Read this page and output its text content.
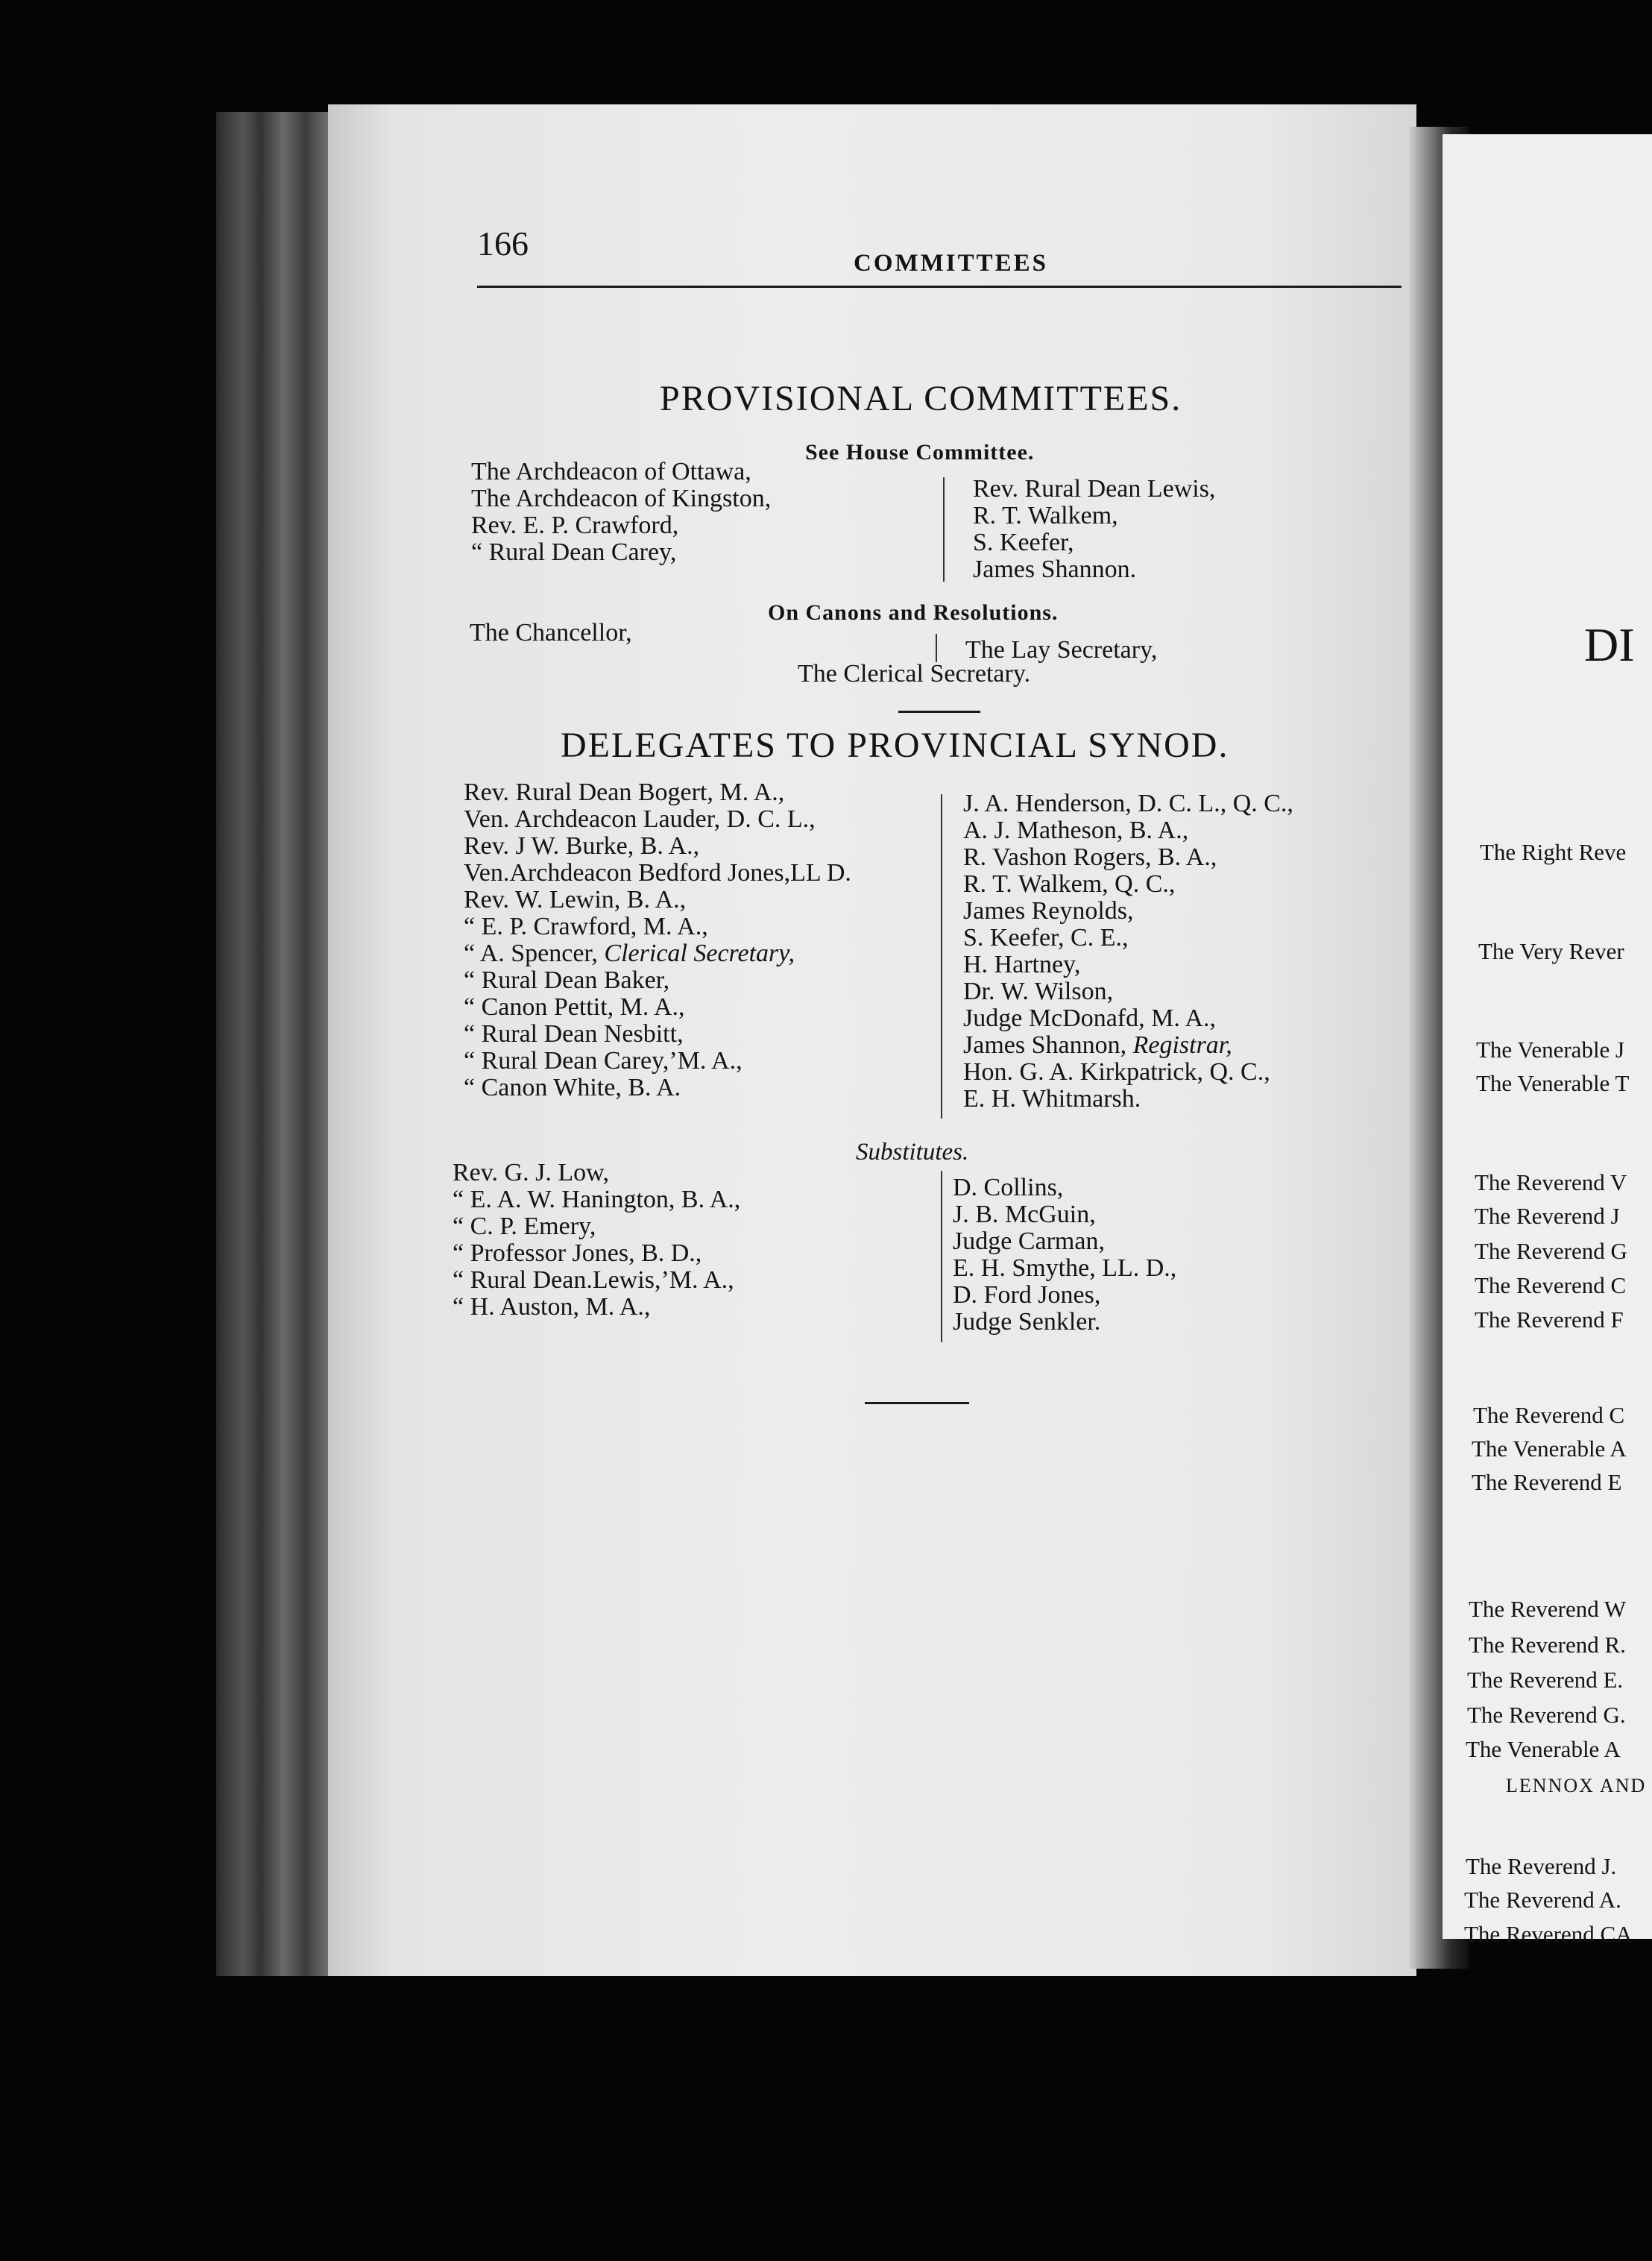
166
COMMITTEES
PROVISIONAL COMMITTEES.
See House Committee.
The Archdeacon of Ottawa,
The Archdeacon of Kingston,
Rev. E. P. Crawford,
“ Rural Dean Carey,
Rev. Rural Dean Lewis,
R. T. Walkem,
S. Keefer,
James Shannon.
On Canons and Resolutions.
The Chancellor,
The Lay Secretary,
The Clerical Secretary.
DELEGATES TO PROVINCIAL SYNOD.
Rev. Rural Dean Bogert, M. A.,
Ven. Archdeacon Lauder, D. C. L.,
Rev. J W. Burke, B. A.,
Ven.Archdeacon Bedford Jones,LL D.
Rev. W. Lewin, B. A.,
“ E. P. Crawford, M. A.,
“ A. Spencer, Clerical Secretary,
“ Rural Dean Baker,
“ Canon Pettit, M. A.,
“ Rural Dean Nesbitt,
“ Rural Dean Carey,’M. A.,
“ Canon White, B. A.
J. A. Henderson, D. C. L., Q. C.,
A. J. Matheson, B. A.,
R. Vashon Rogers, B. A.,
R. T. Walkem, Q. C.,
James Reynolds,
S. Keefer, C. E.,
H. Hartney,
Dr. W. Wilson,
Judge McDonafd, M. A.,
James Shannon, Registrar,
Hon. G. A. Kirkpatrick, Q. C.,
E. H. Whitmarsh.
Substitutes.
Rev. G. J. Low,
“ E. A. W. Hanington, B. A.,
“ C. P. Emery,
“ Professor Jones, B. D.,
“ Rural Dean.Lewis,’M. A.,
“ H. Auston, M. A.,
D. Collins,
J. B. McGuin,
Judge Carman,
E. H. Smythe, LL. D.,
D. Ford Jones,
Judge Senkler.
DI
The Right Reve
The Very Rever
The Venerable J
The Venerable T
The Reverend V
The Reverend J
The Reverend G
The Reverend C
The Reverend F
The Reverend C
The Venerable A
The Reverend E
The Reverend W
The Reverend R.
The Reverend E.
The Reverend G.
The Venerable A
LENNOX AND
The Reverend J.
The Reverend A.
The Reverend CA
